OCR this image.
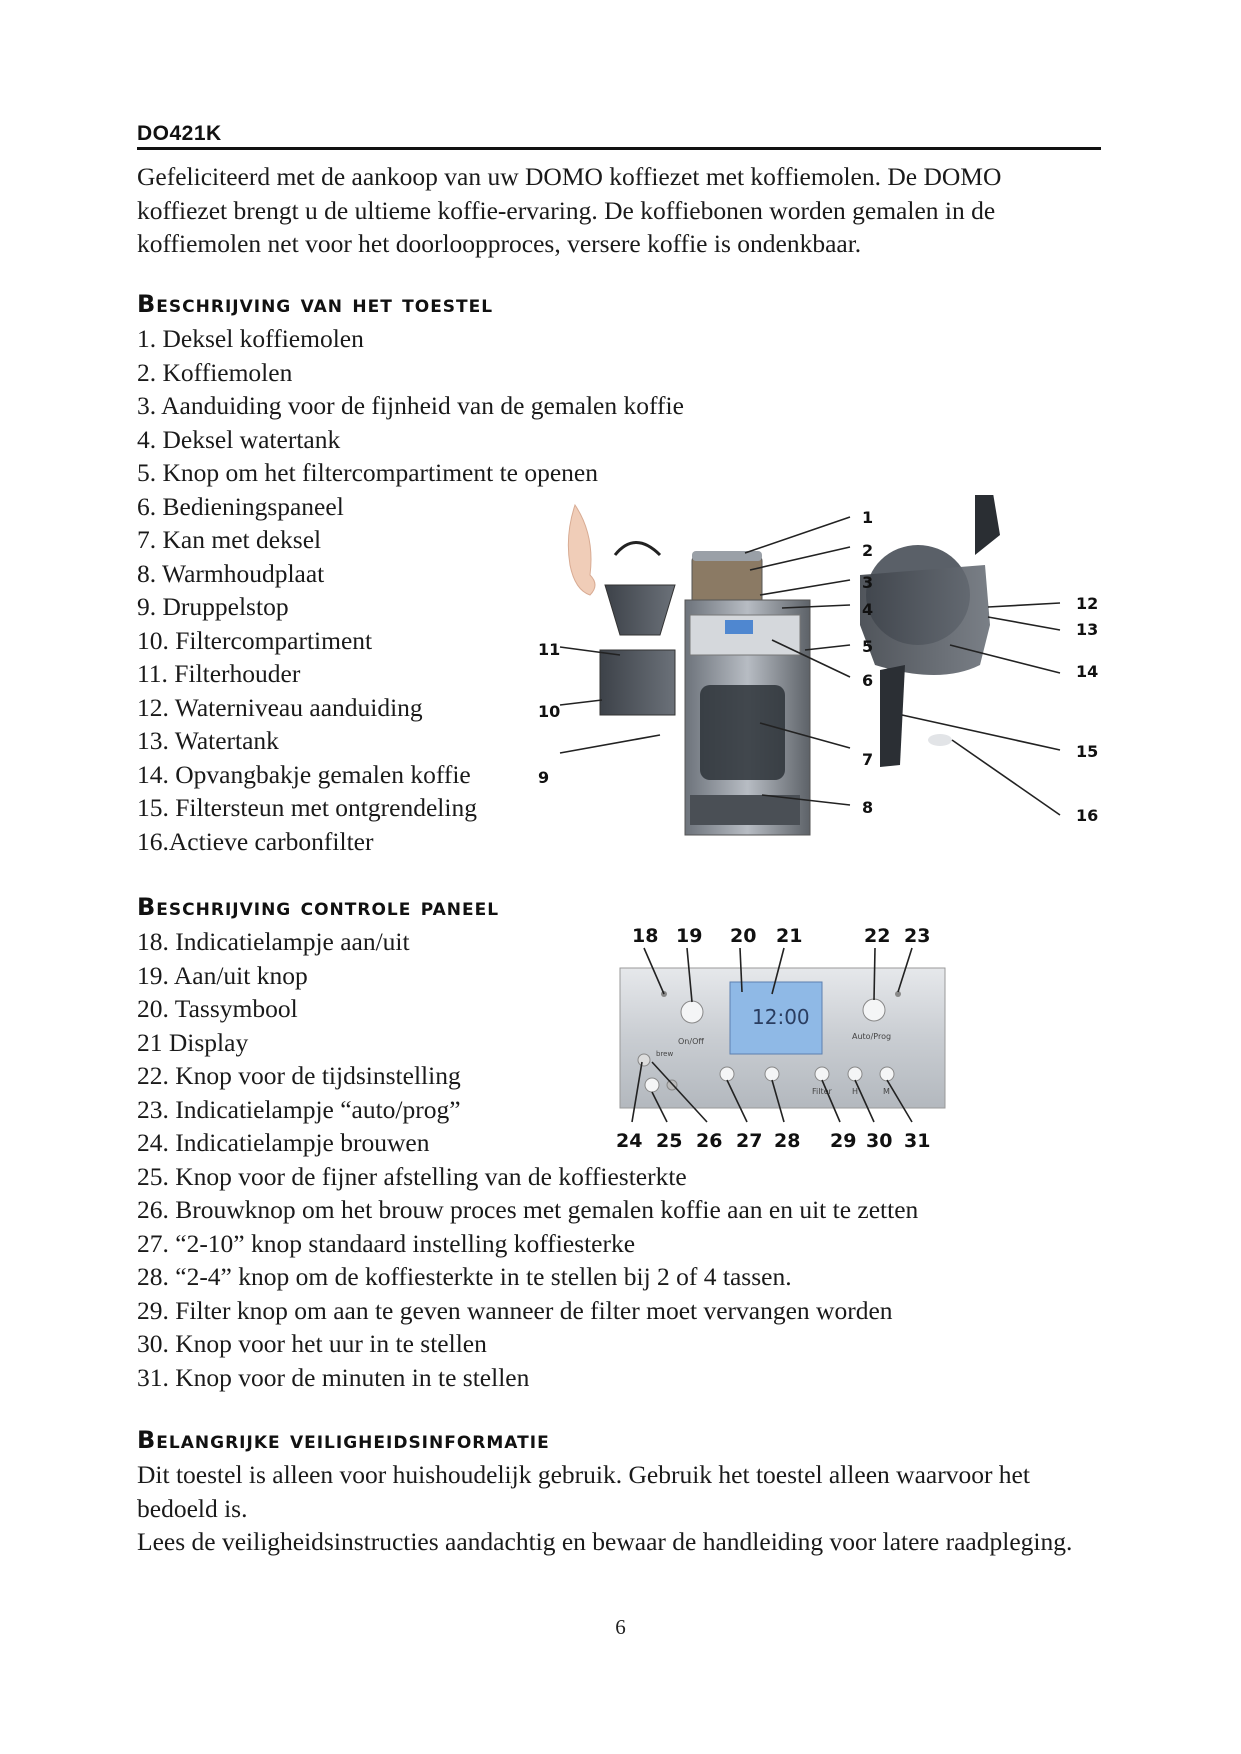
DO421K
Gefeliciteerd met de aankoop van uw DOMO koffiezet met koffiemolen. De DOMO koffiezet brengt u de ultieme koffie-ervaring. De koffiebonen worden gemalen in de koffiemolen net voor het doorloopproces, versere koffie is ondenkbaar.
Beschrijving van het toestel
1. Deksel koffiemolen
2. Koffiemolen
3. Aanduiding voor de fijnheid van de gemalen koffie
4. Deksel watertank
5. Knop om het filtercompartiment te openen
6. Bedieningspaneel
7. Kan met deksel
8. Warmhoudplaat
9. Druppelstop
10. Filtercompartiment
11. Filterhouder
12. Waterniveau aanduiding
13. Watertank
14. Opvangbakje gemalen koffie
15. Filtersteun met ontgrendeling
16.Actieve carbonfilter
1
2
3
4
5
6
7
8
9
10
11
12
13
14
15
16
Beschrijving controle paneel
18. Indicatielampje aan/uit
19. Aan/uit knop
20. Tassymbool
21 Display
22. Knop voor de tijdsinstelling
23. Indicatielampje “auto/prog”
24. Indicatielampje brouwen
25. Knop voor de fijner afstelling van de koffiesterkte
26. Brouwknop om het brouw proces met gemalen koffie aan en uit te zetten
27. “2-10” knop standaard instelling koffiesterke
28. “2-4” knop om de koffiesterkte in te stellen bij 2 of 4 tassen.
29. Filter knop om aan te geven wanneer de filter moet vervangen worden
30. Knop voor het uur in te stellen
31. Knop voor de minuten in te stellen
12:00
On/Off
Auto/Prog
brew
Filter	H	M
18 19 20 21	22 23
24 25 26 27 28 29 30 31
Belangrijke veiligheidsinformatie

Dit toestel is alleen voor huishoudelijk gebruik. Gebruik het toestel alleen waarvoor het bedoeld is.

Lees de veiligheidsinstructies aandachtig en bewaar de handleiding voor latere raadpleging.

6
